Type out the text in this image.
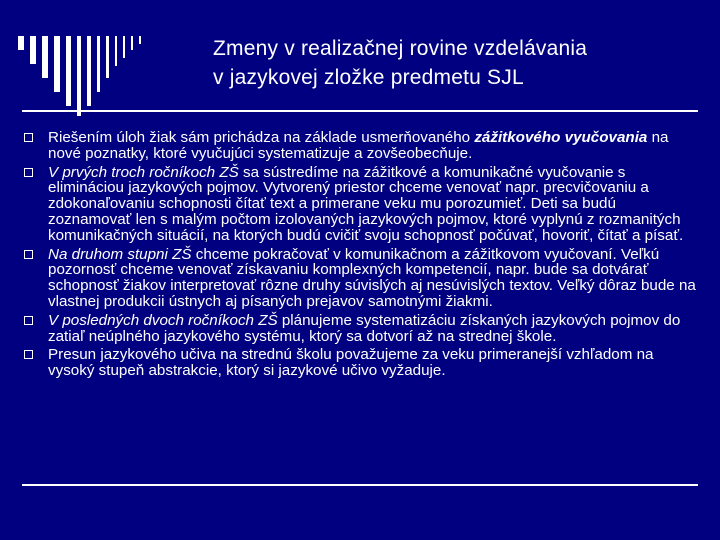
Zmeny v realizačnej rovine vzdelávania
v jazykovej zložke predmetu SJL
Riešením úloh žiak sám prichádza na základe usmerňovaného zážitkového vyučovania na nové poznatky, ktoré vyučujúci systematizuje a zovšeobecňuje.
V prvých troch ročníkoch ZŠ sa sústredíme na zážitkové a komunikačné vyučovanie s elimináciou jazykových pojmov. Vytvorený priestor chceme venovať napr. precvičovaniu a zdokonaľovaniu schopnosti čítať text a primerane veku mu porozumieť. Deti sa budú zoznamovať len s malým počtom izolovaných jazykových pojmov, ktoré vyplynú z rozmanitých komunikačných situácií, na ktorých budú cvičiť svoju schopnosť počúvať, hovoriť, čítať a písať.
Na druhom stupni ZŠ chceme pokračovať v komunikačnom a zážitkovom vyučovaní. Veľkú pozornosť chceme venovať získavaniu komplexných kompetencií, napr. bude sa dotvárať schopnosť žiakov interpretovať rôzne druhy súvislých aj nesúvislých textov. Veľký dôraz bude na vlastnej produkcii ústnych aj písaných prejavov samotnými žiakmi.
V posledných dvoch ročníkoch ZŠ plánujeme systematizáciu získaných jazykových pojmov do zatiaľ neúplného jazykového systému, ktorý sa dotvorí až na strednej škole.
Presun jazykového učiva na strednú školu považujeme za veku primeranejší vzhľadom na vysoký stupeň abstrakcie, ktorý si jazykové učivo vyžaduje.
